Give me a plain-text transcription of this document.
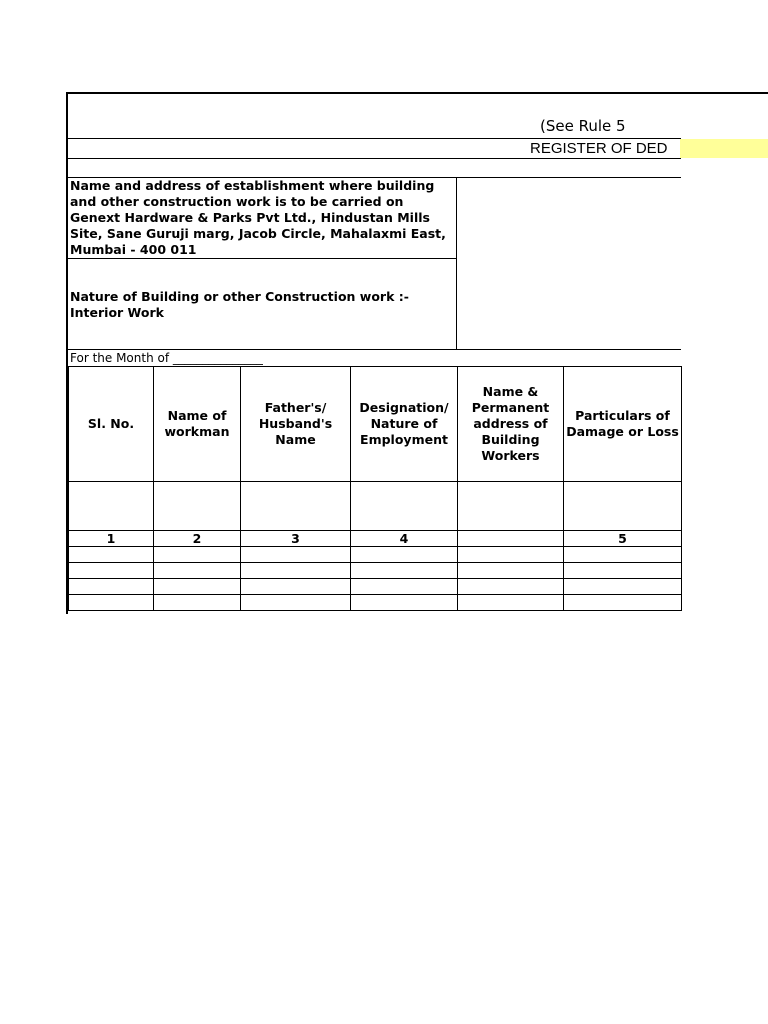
(See Rule 5
REGISTER OF DED
Name and address of establishment where building and other construction work is to be carried on Genext Hardware & Parks Pvt Ltd., Hindustan Mills Site, Sane Guruji marg, Jacob Circle, Mahalaxmi East, Mumbai - 400 011
Nature of Building or other Construction work :- Interior Work
For the Month of _______________
Sl. No.	Name of workman	Father's/ Husband's Name	Designation/ Nature of Employment	Name & Permanent address of Building Workers	Particulars of Damage or Loss

1	2	3	4		5
